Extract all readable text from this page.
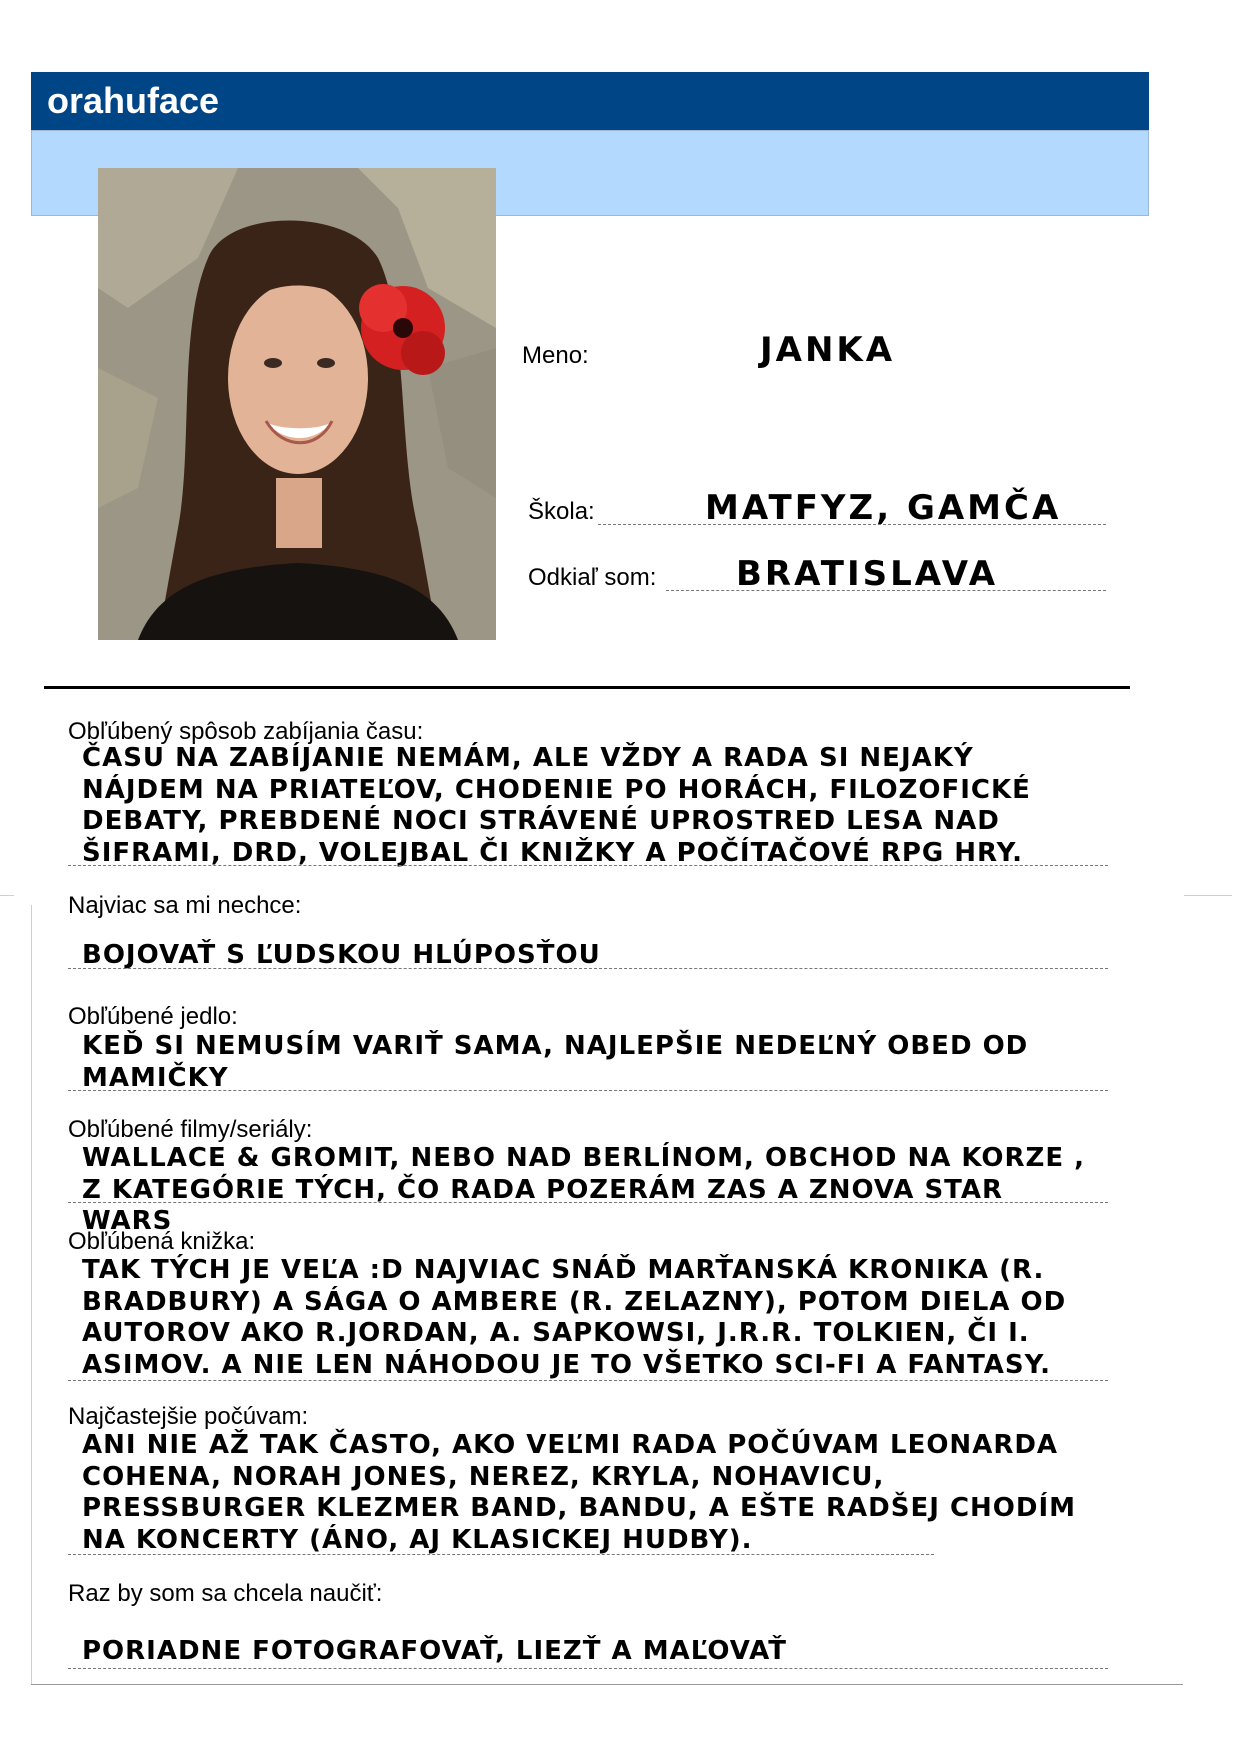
orahuface
Meno:	JANKA
Škola:	MATFYZ, GAMČA
Odkiaľ som: BRATISLAVA
Obľúbený spôsob zabíjania času:
ČASU NA ZABÍJANIE NEMÁM, ALE VŽDY A RADA SI NEJAKÝ NÁJDEM NA PRIATEĽOV, CHODENIE PO HORÁCH, FILOZOFICKÉ DEBATY, PREBDENÉ NOCI STRÁVENÉ UPROSTRED LESA NAD ŠIFRAMI, DRD, VOLEJBAL ČI KNIŽKY A POČÍTAČOVÉ RPG HRY.
Najviac sa mi nechce:
BOJOVAŤ S ĽUDSKOU HLÚPOSŤOU
Obľúbené jedlo:
KEĎ SI NEMUSÍM VARIŤ SAMA, NAJLEPŠIE NEDEĽNÝ OBED OD MAMIČKY
Obľúbené filmy/seriály:
WALLACE & GROMIT, NEBO NAD BERLÍNOM, OBCHOD NA KORZE , Z KATEGÓRIE TÝCH, ČO RADA POZERÁM ZAS A ZNOVA STAR WARS
Obľúbená knižka:
TAK TÝCH JE VEĽA :D NAJVIAC SNÁĎ MARŤANSKÁ KRONIKA (R. BRADBURY) A SÁGA O AMBERE (R. ZELAZNY), POTOM DIELA OD AUTOROV AKO R.JORDAN, A. SAPKOWSI, J.R.R. TOLKIEN, ČI I. ASIMOV. A NIE LEN NÁHODOU JE TO VŠETKO SCI-FI A FANTASY.
Najčastejšie počúvam:
ANI NIE AŽ TAK ČASTO, AKO VEĽMI RADA POČÚVAM LEONARDA COHENA, NORAH JONES, NEREZ, KRYLA, NOHAVICU, PRESSBURGER KLEZMER BAND, BANDU, A EŠTE RADŠEJ CHODÍM NA KONCERTY (ÁNO, AJ KLASICKEJ HUDBY).
Raz by som sa chcela naučiť:
PORIADNE FOTOGRAFOVAŤ, LIEZŤ A MAĽOVAŤ
